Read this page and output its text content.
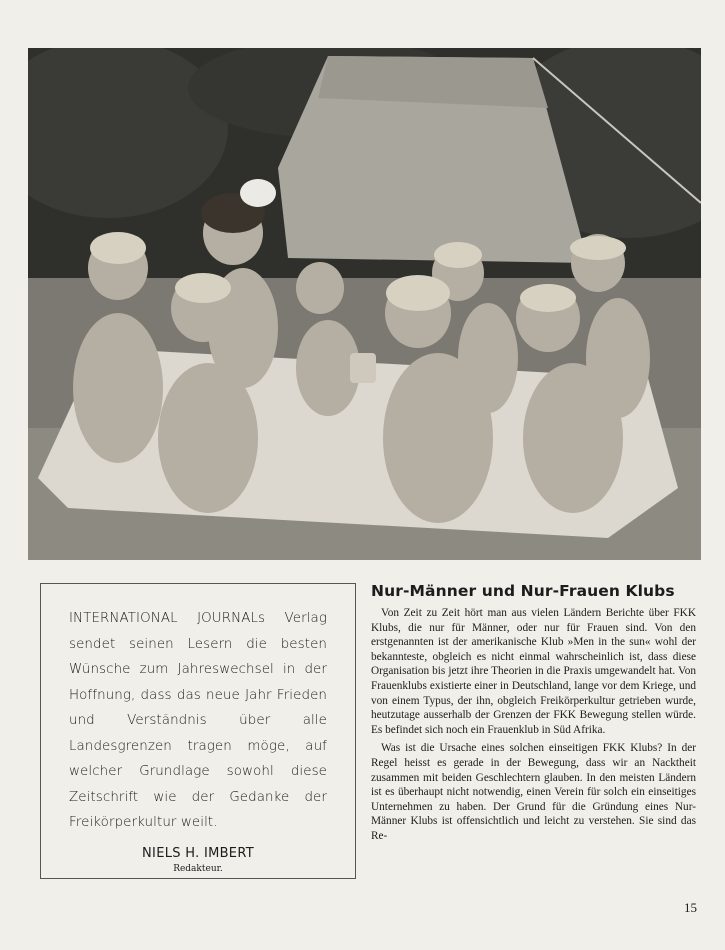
INTERNATIONAL JOURNALs Verlag sendet seinen Lesern die besten Wünsche zum Jahreswechsel in der Hoffnung, dass das neue Jahr Frieden und Verständnis über alle Landesgrenzen tragen möge, auf welcher Grundlage sowohl diese Zeitschrift wie der Gedanke der Freikörperkultur weilt.

NIELS H. IMBERT
Redakteur.
Nur-Männer und Nur-Frauen Klubs

Von Zeit zu Zeit hört man aus vielen Ländern Berichte über FKK Klubs, die nur für Männer, oder nur für Frauen sind. Von den erstgenannten ist der amerikanische Klub »Men in the sun« wohl der bekannteste, obgleich es nicht einmal wahrscheinlich ist, dass diese Organisation bis jetzt ihre Theorien in die Praxis umgewandelt hat. Von Frauenklubs existierte einer in Deutschland, lange vor dem Kriege, und von einem Typus, der ihn, obgleich Freikörperkultur getrieben wurde, heutzutage ausserhalb der Grenzen der FKK Bewegung stellen würde. Es befindet sich noch ein Frauenklub in Süd Afrika.

Was ist die Ursache eines solchen einseitigen FKK Klubs? In der Regel heisst es gerade in der Bewegung, dass wir an Nacktheit zusammen mit beiden Geschlechtern glauben. In den meisten Ländern ist es überhaupt nicht notwendig, einen Verein für solch ein einseitiges Unternehmen zu haben. Der Grund für die Gründung eines Nur-Männer Klubs ist offensichtlich und leicht zu verstehen. Sie sind das Re-

15
